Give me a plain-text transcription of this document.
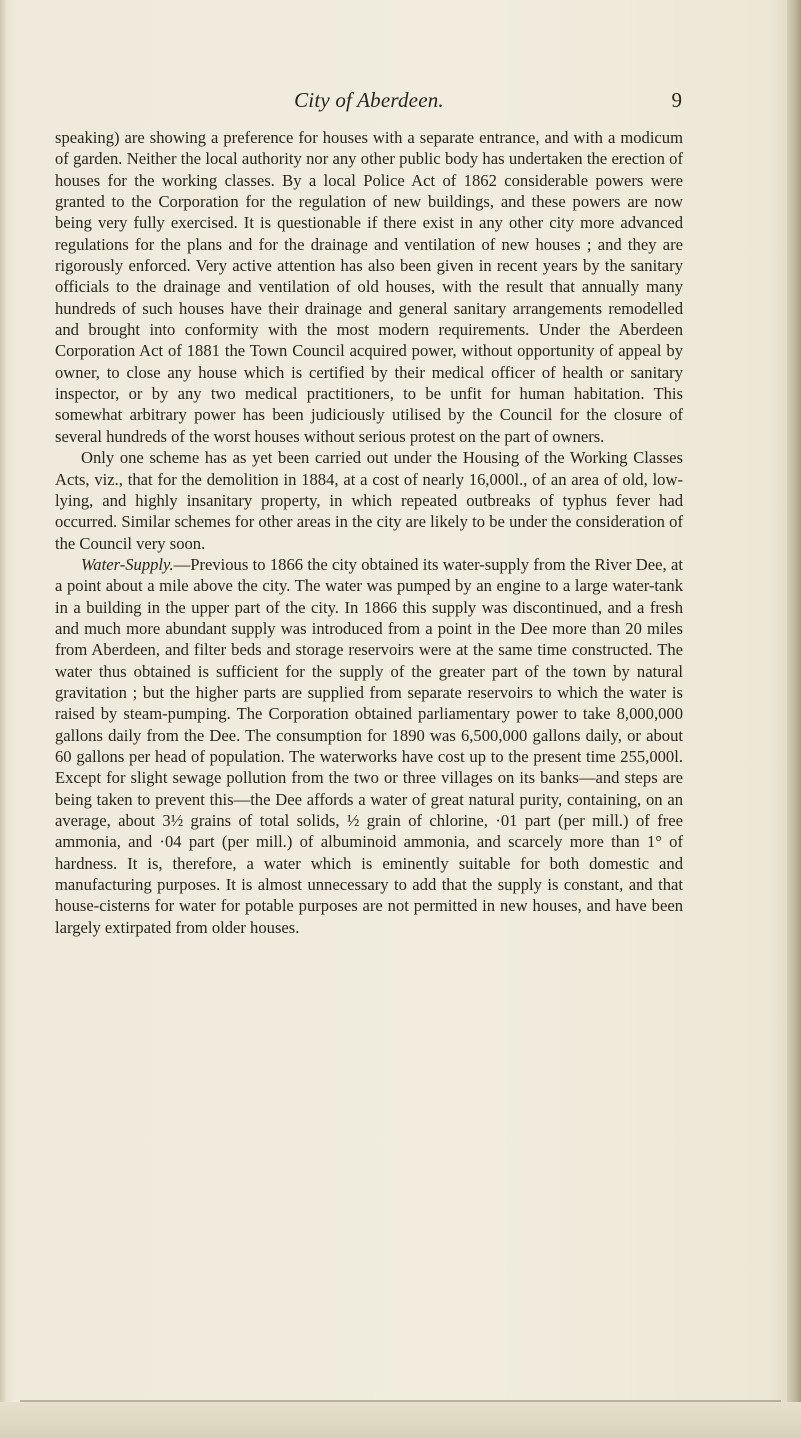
City of Aberdeen.	9

speaking) are showing a preference for houses with a separate entrance, and with a modicum of garden. Neither the local authority nor any other public body has undertaken the erection of houses for the working classes. By a local Police Act of 1862 considerable powers were granted to the Corporation for the regulation of new buildings, and these powers are now being very fully exercised. It is questionable if there exist in any other city more advanced regulations for the plans and for the drainage and ventilation of new houses ; and they are rigorously enforced. Very active attention has also been given in recent years by the sanitary officials to the drainage and ventilation of old houses, with the result that annually many hundreds of such houses have their drainage and general sanitary arrangements remodelled and brought into conformity with the most modern requirements. Under the Aberdeen Corporation Act of 1881 the Town Council acquired power, without opportunity of appeal by owner, to close any house which is certified by their medical officer of health or sanitary inspector, or by any two medical practitioners, to be unfit for human habitation. This somewhat arbitrary power has been judiciously utilised by the Council for the closure of several hundreds of the worst houses without serious protest on the part of owners.

Only one scheme has as yet been carried out under the Housing of the Working Classes Acts, viz., that for the demolition in 1884, at a cost of nearly 16,000l., of an area of old, low-lying, and highly insanitary property, in which repeated outbreaks of typhus fever had occurred. Similar schemes for other areas in the city are likely to be under the consideration of the Council very soon.

Water-Supply.—Previous to 1866 the city obtained its water-supply from the River Dee, at a point about a mile above the city. The water was pumped by an engine to a large water-tank in a building in the upper part of the city. In 1866 this supply was discontinued, and a fresh and much more abundant supply was introduced from a point in the Dee more than 20 miles from Aberdeen, and filter beds and storage reservoirs were at the same time constructed. The water thus obtained is sufficient for the supply of the greater part of the town by natural gravitation ; but the higher parts are supplied from separate reservoirs to which the water is raised by steam-pumping. The Corporation obtained parliamentary power to take 8,000,000 gallons daily from the Dee. The consumption for 1890 was 6,500,000 gallons daily, or about 60 gallons per head of population. The waterworks have cost up to the present time 255,000l. Except for slight sewage pollution from the two or three villages on its banks—and steps are being taken to prevent this—the Dee affords a water of great natural purity, containing, on an average, about 3½ grains of total solids, ½ grain of chlorine, ·01 part (per mill.) of free ammonia, and ·04 part (per mill.) of albuminoid ammonia, and scarcely more than 1° of hardness. It is, therefore, a water which is eminently suitable for both domestic and manufacturing purposes. It is almost unnecessary to add that the supply is constant, and that house-cisterns for water for potable purposes are not permitted in new houses, and have been largely extirpated from older houses.
